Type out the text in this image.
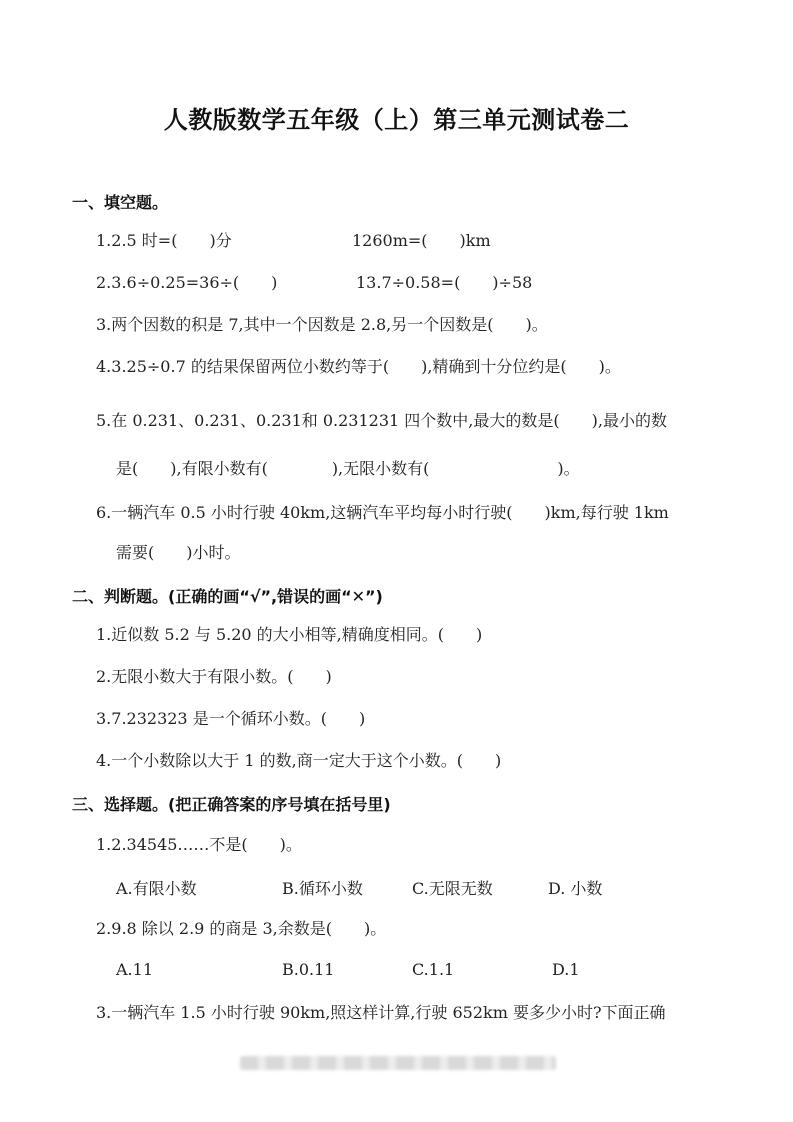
人教版数学五年级（上）第三单元测试卷二
一、填空题。
1.2.5 时=(　　)分	1260m=(　　)km
2.3.6÷0.25=36÷(　　)	13.7÷0.58=(　　)÷58
3.两个因数的积是 7,其中一个因数是 2.8,另一个因数是(　　)。
4.3.25÷0.7 的结果保留两位小数约等于(　　),精确到十分位约是(　　)。
5.在 0.231、0.231、0.231和 0.231231 四个数中,最大的数是(　　),最小的数
是(　　),有限小数有(　　　　),无限小数有(　　　　　　　　)。
6.一辆汽车 0.5 小时行驶 40km,这辆汽车平均每小时行驶(　　)km,每行驶 1km
需要(　　)小时。
二、判断题。(正确的画“√”,错误的画“✕”)
1.近似数 5.2 与 5.20 的大小相等,精确度相同。(　　)
2.无限小数大于有限小数。(　　)
3.7.232323 是一个循环小数。(　　)
4.一个小数除以大于 1 的数,商一定大于这个小数。(　　)
三、选择题。(把正确答案的序号填在括号里)
1.2.34545……不是(　　)。
A.有限小数	B.循环小数	C.无限无数	D. 小数
2.9.8 除以 2.9 的商是 3,余数是(　　)。
A.11	B.0.11	C.1.1	D.1
3.一辆汽车 1.5 小时行驶 90km,照这样计算,行驶 652km 要多少小时?下面正确
